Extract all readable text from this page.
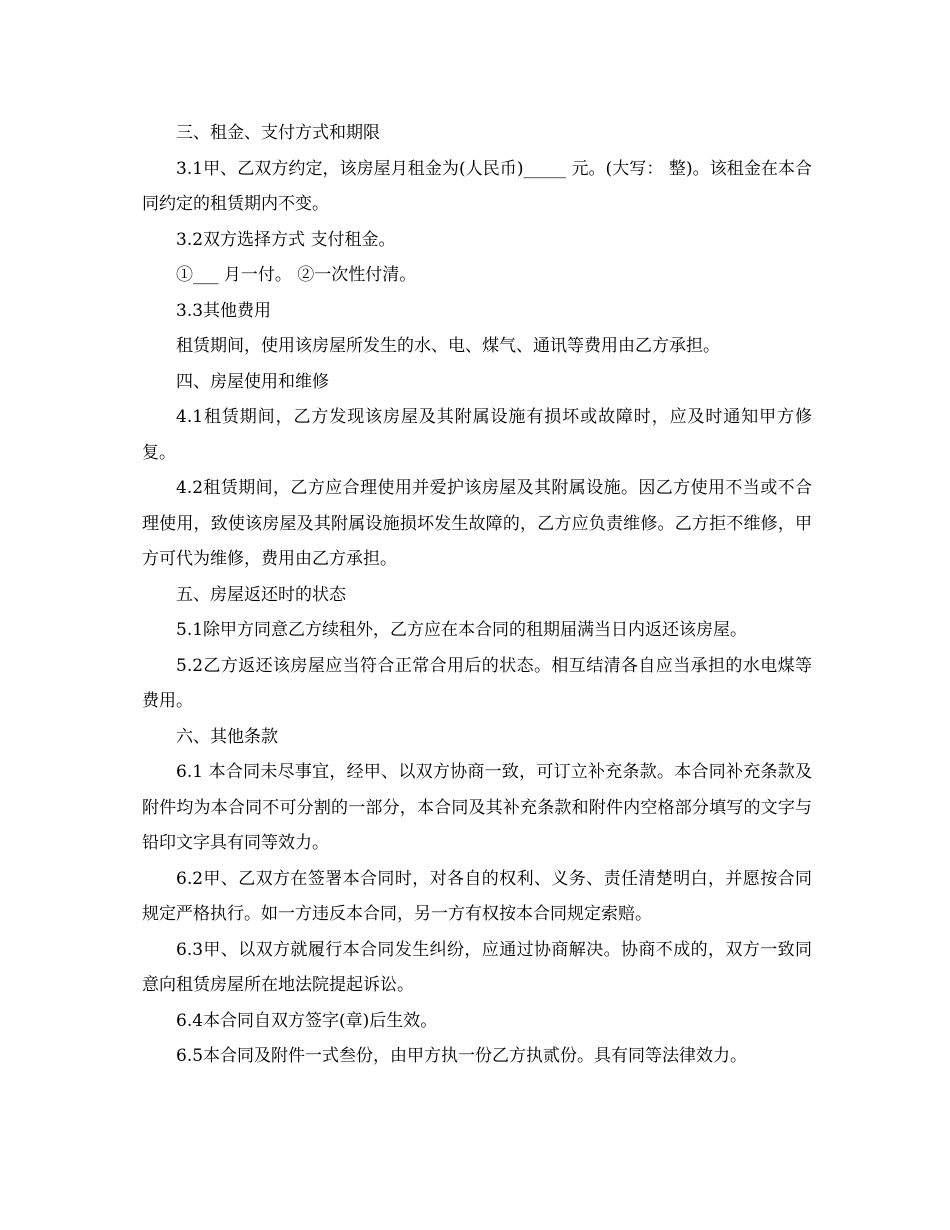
三、租金、支付方式和期限

3.1甲、乙双方约定，该房屋月租金为(人民币)_____ 元。(大写： 整)。该租金在本合同约定的租赁期内不变。

3.2双方选择方式 支付租金。

①___ 月一付。 ②一次性付清。

3.3其他费用

租赁期间，使用该房屋所发生的水、电、煤气、通讯等费用由乙方承担。

四、房屋使用和维修

4.1租赁期间，乙方发现该房屋及其附属设施有损坏或故障时，应及时通知甲方修复。

4.2租赁期间，乙方应合理使用并爱护该房屋及其附属设施。因乙方使用不当或不合理使用，致使该房屋及其附属设施损坏发生故障的，乙方应负责维修。乙方拒不维修，甲方可代为维修，费用由乙方承担。

五、房屋返还时的状态

5.1除甲方同意乙方续租外，乙方应在本合同的租期届满当日内返还该房屋。

5.2乙方返还该房屋应当符合正常合用后的状态。相互结清各自应当承担的水电煤等费用。

六、其他条款

6.1 本合同未尽事宜，经甲、以双方协商一致，可订立补充条款。本合同补充条款及附件均为本合同不可分割的一部分，本合同及其补充条款和附件内空格部分填写的文字与铅印文字具有同等效力。

6.2甲、乙双方在签署本合同时，对各自的权利、义务、责任清楚明白，并愿按合同规定严格执行。如一方违反本合同，另一方有权按本合同规定索赔。

6.3甲、以双方就履行本合同发生纠纷，应通过协商解决。协商不成的，双方一致同意向租赁房屋所在地法院提起诉讼。

6.4本合同自双方签字(章)后生效。

6.5本合同及附件一式叁份，由甲方执一份乙方执贰份。具有同等法律效力。
